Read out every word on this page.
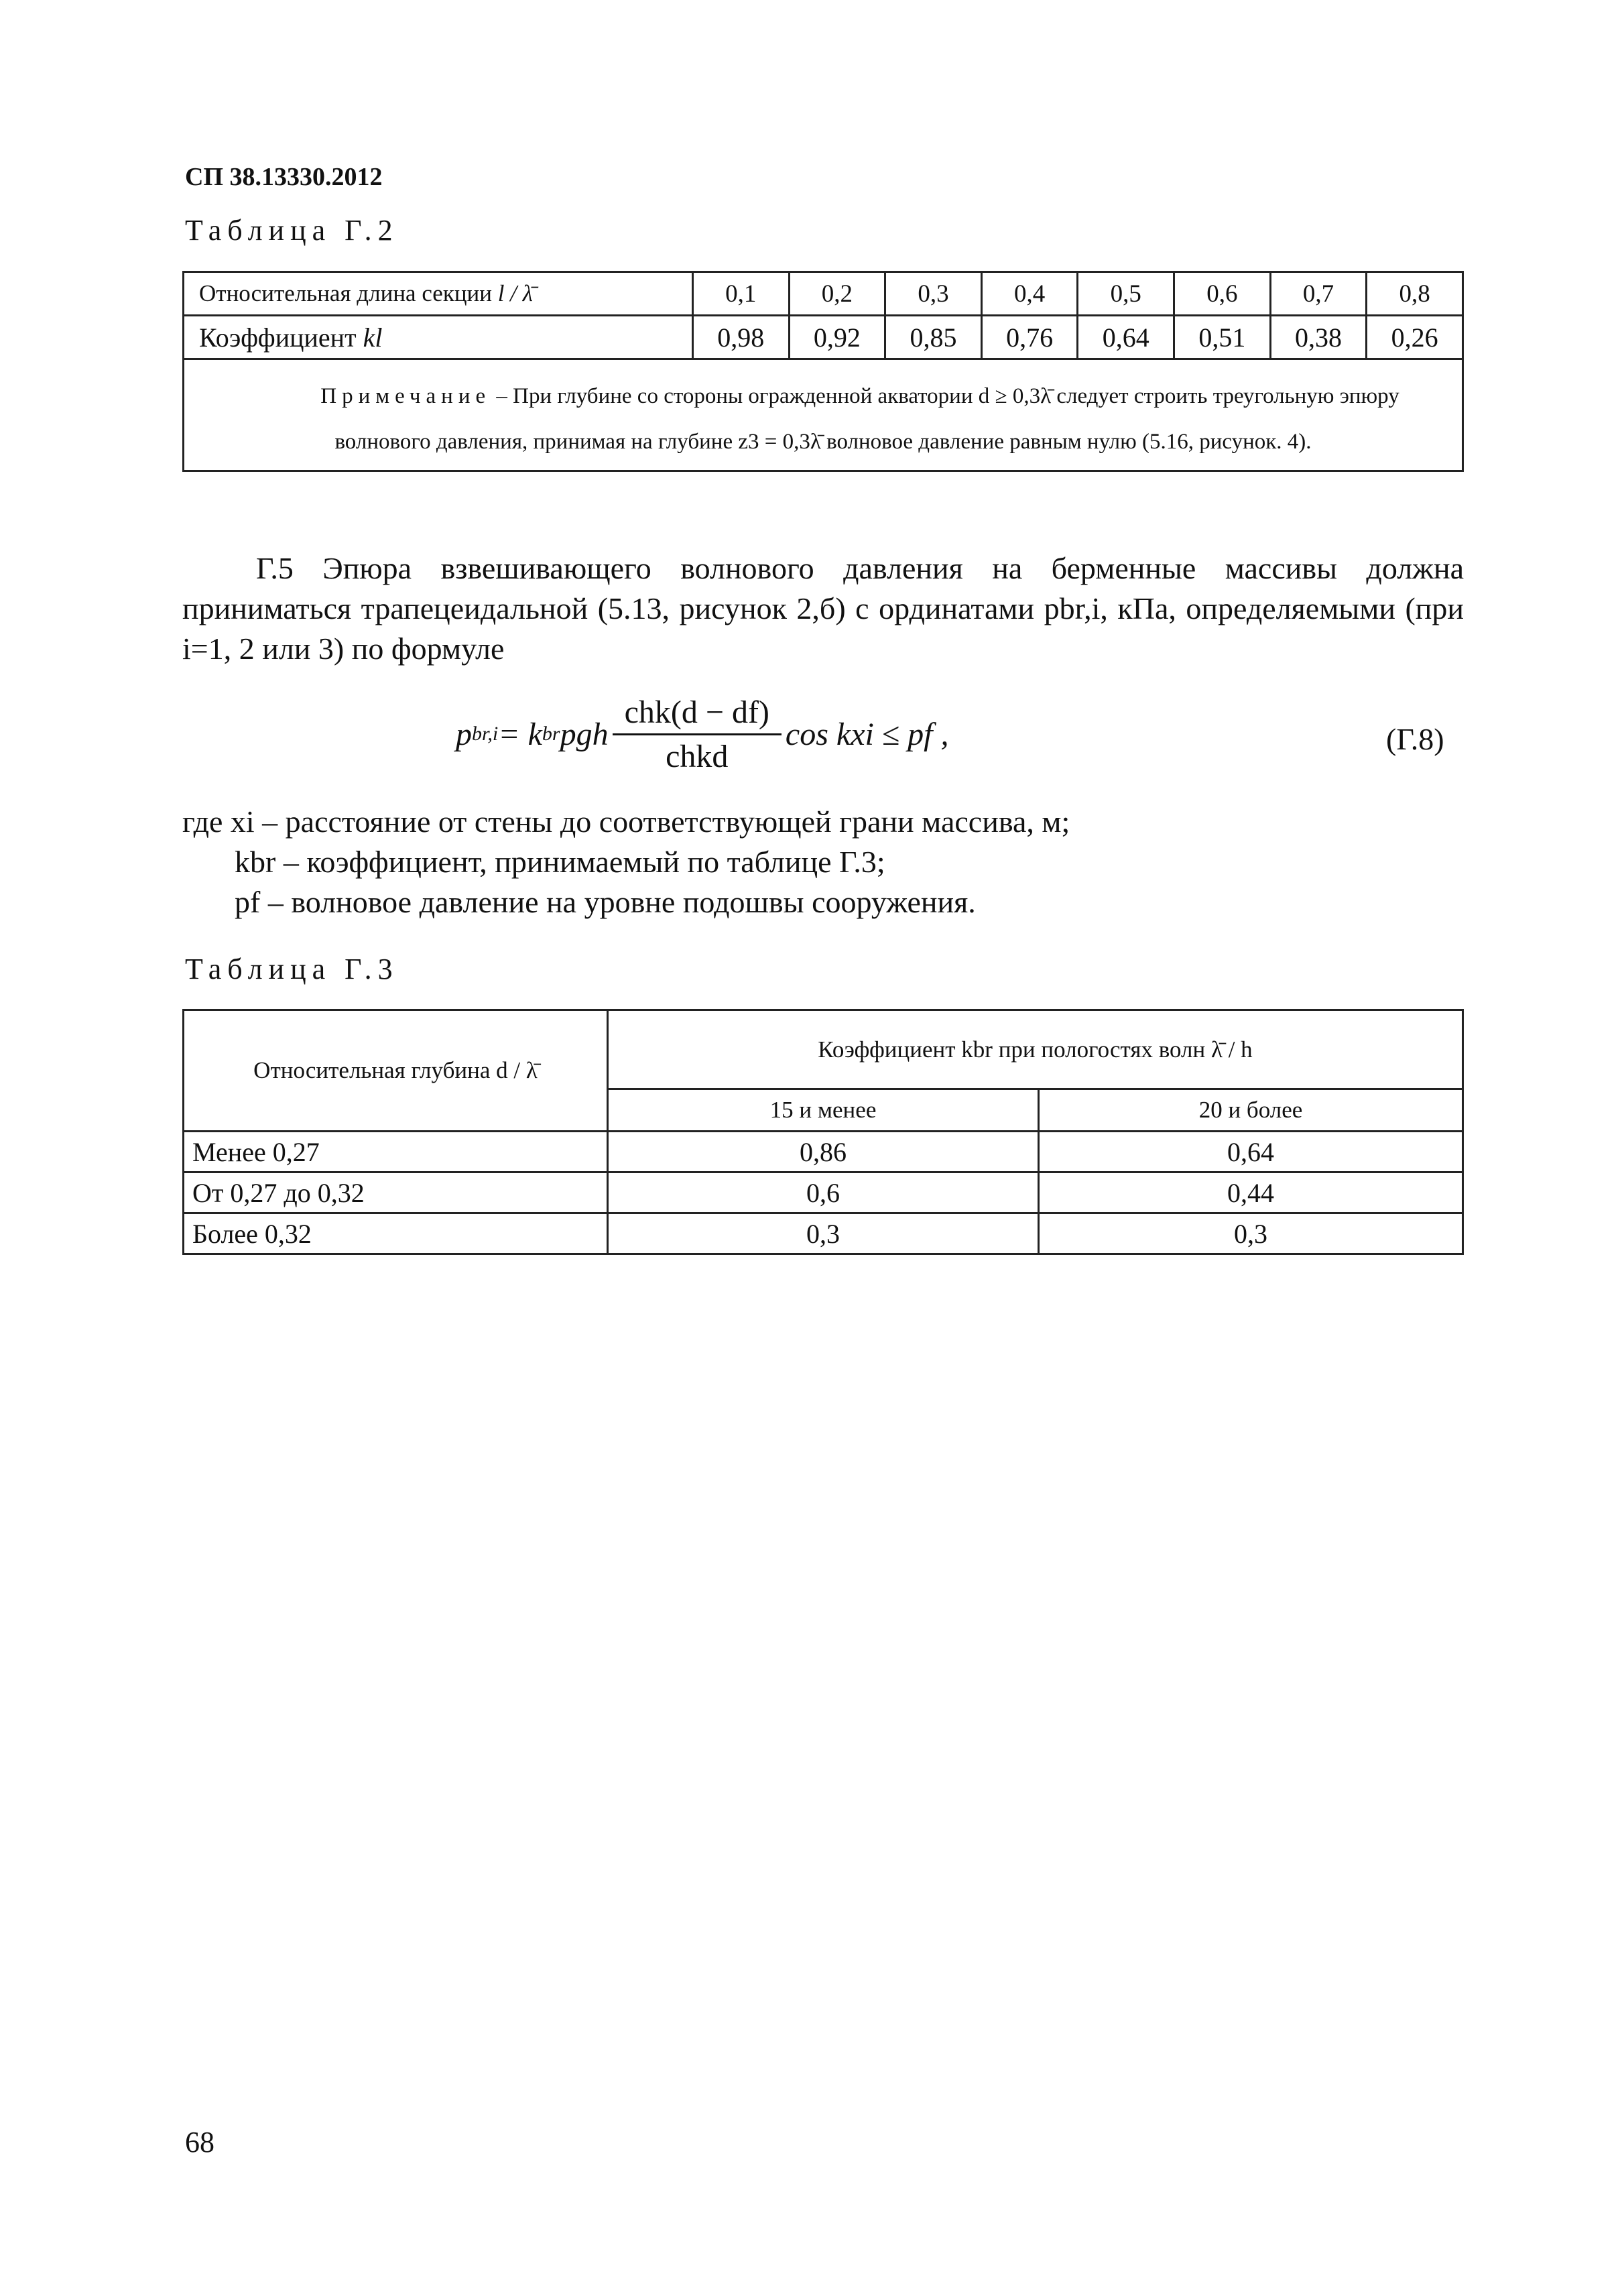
СП 38.13330.2012
Таблица Г.2
Относительная длина секции l / λ̄	0,1	0,2	0,3	0,4	0,5	0,6	0,7	0,8
Коэффициент kl	0,98	0,92	0,85	0,76	0,64	0,51	0,38	0,26
Примечание – При глубине со стороны огражденной акватории d ≥ 0,3λ̄ следует строить треугольную эпюру волнового давления, принимая на глубине z3 = 0,3λ̄ волновое давление равным нулю (5.16, рисунок. 4).								
Г.5 Эпюра взвешивающего волнового давления на берменные массивы должна приниматься трапецеидальной (5.13, рисунок 2,б) с ординатами pbr,i, кПа, определяемыми (при i=1, 2 или 3) по формуле
p br,i = k br pgh $\frac{\text{chk(d − df)}}{\text{chkd}}$ cos kxi ≤ pf ,	(Г.8)
где xi – расстояние от стены до соответствующей грани массива, м;
kbr – коэффициент, принимаемый по таблице Г.3;
pf – волновое давление на уровне подошвы сооружения.
Таблица Г.3
Относительная глубина d / λ̄	Коэффициент kbr при пологостях волн λ̄ / h	
	15 и менее	20 и более
Менее 0,27	0,86	0,64
От 0,27 до 0,32	0,6	0,44
Более 0,32	0,3	0,3
68
